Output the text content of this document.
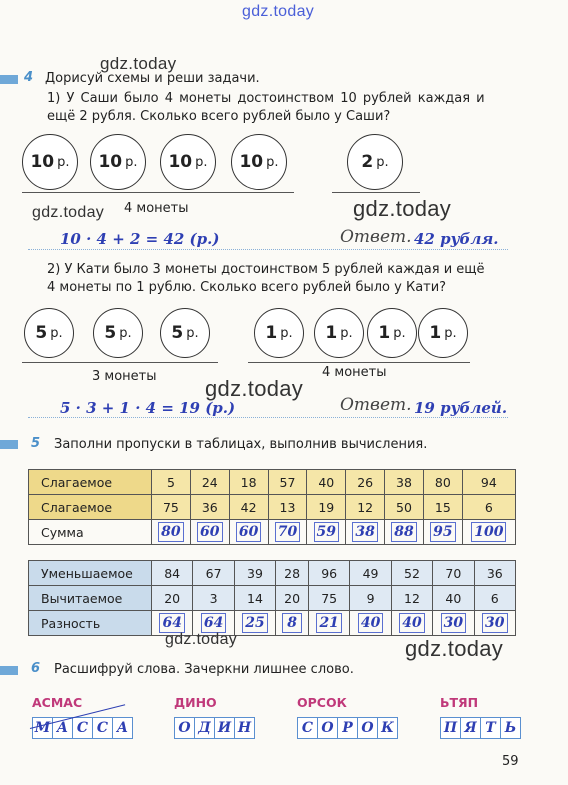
gdz.today
gdz.today
4 Дорисуй схемы и реши задачи.
1) У Саши было 4 монеты достоинством 10 рублей каждая и
ещё 2 рубля. Сколько всего рублей было у Саши?
10 р. 10 р. 10 р. 10 р.	2 р.
4 монеты
gdz.today	gdz.today
10 · 4 + 2 = 42 (р.)	Ответ. 42 рубля.
2) У Кати было 3 монеты достоинством 5 рублей каждая и ещё
4 монеты по 1 рублю. Сколько всего рублей было у Кати?
5 р. 5 р. 5 р.	1 р. 1 р. 1 р. 1 р.
3 монеты	4 монеты
gdz.today
5 · 3 + 1 · 4 = 19 (р.)	Ответ. 19 рублей.
5 Заполни пропуски в таблицах, выполнив вычисления.
Слагаемое	5	24	18	57	40	26	38	80	94
Слагаемое	75	36	42	13	19	12	50	15	6
Сумма	80	60	60	70	59	38	88	95	100
Уменьшаемое	84	67	39	28	96	49	52	70	36
Вычитаемое	20	3	14	20	75	9	12	40	6
Разность	64	64	25	8	21	40	40	30	30
gdz.today	gdz.today
6 Расшифруй слова. Зачеркни лишнее слово.
АСМАС
М А С С А
ДИНО
О Д И Н
ОРСОК
С О Р О К
ЬТЯП
П Я Т Ь
59
